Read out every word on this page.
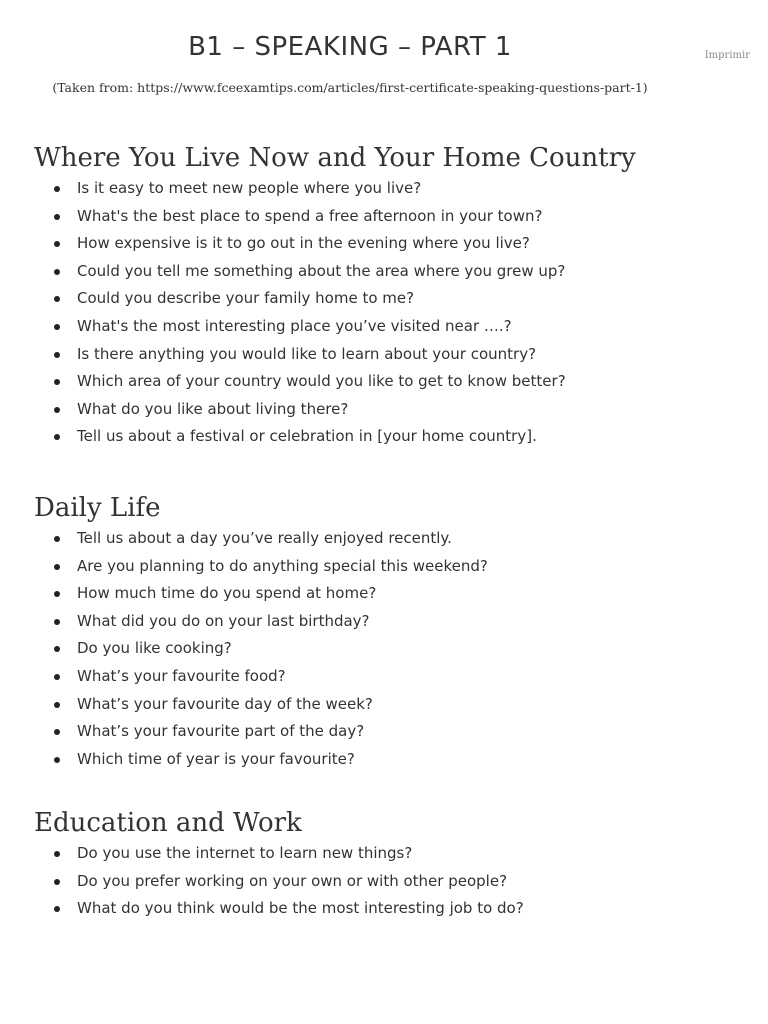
B1 – SPEAKING – PART 1	Imprimir

(Taken from: https://www.fceexamtips.com/articles/first-certificate-speaking-questions-part-1)

Where You Live Now and Your Home Country
Is it easy to meet new people where you live?
What's the best place to spend a free afternoon in your town?
How expensive is it to go out in the evening where you live?
Could you tell me something about the area where you grew up?
Could you describe your family home to me?
What's the most interesting place you’ve visited near ….?
Is there anything you would like to learn about your country?
Which area of your country would you like to get to know better?
What do you like about living there?
Tell us about a festival or celebration in [your home country].
Daily Life
Tell us about a day you’ve really enjoyed recently.
Are you planning to do anything special this weekend?
How much time do you spend at home?
What did you do on your last birthday?
Do you like cooking?
What’s your favourite food?
What’s your favourite day of the week?
What’s your favourite part of the day?
Which time of year is your favourite?
Education and Work
Do you use the internet to learn new things?
Do you prefer working on your own or with other people?
What do you think would be the most interesting job to do?
